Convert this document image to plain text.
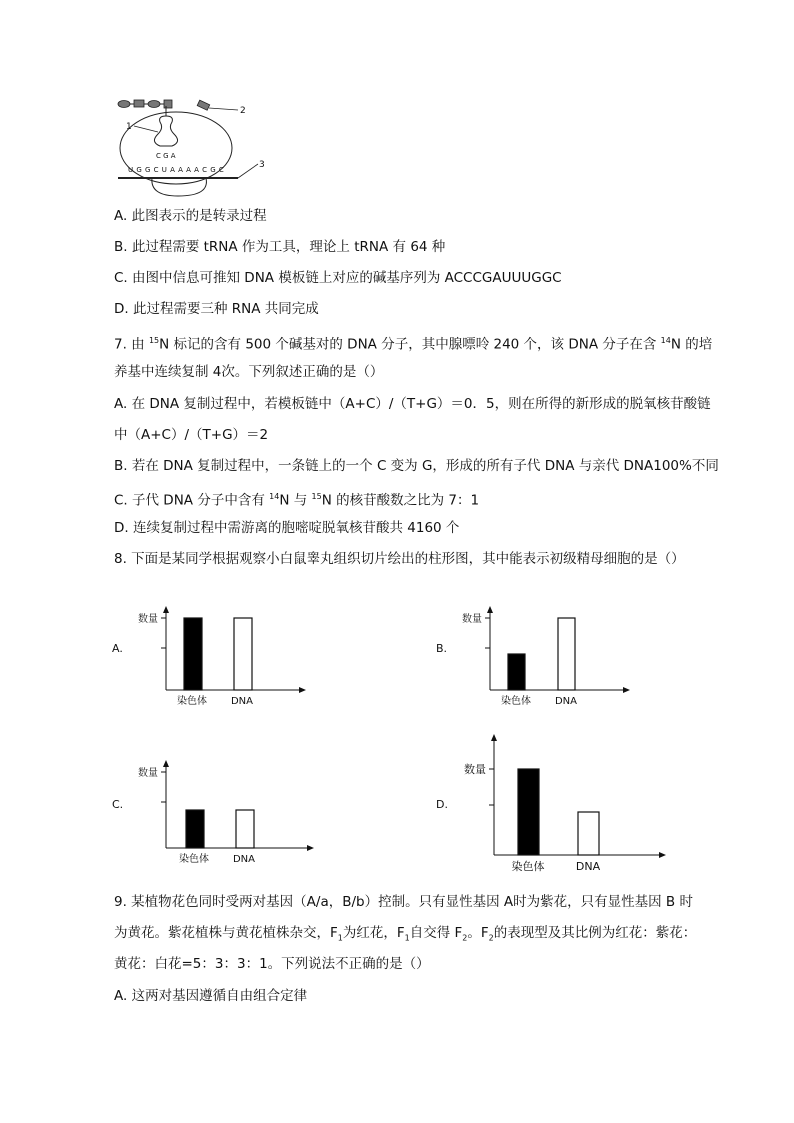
2
1
C G A
U G G C U A A A A C G C	3
A. 此图表示的是转录过程
B. 此过程需要 tRNA 作为工具，理论上 tRNA 有 64 种
C. 由图中信息可推知 DNA 模板链上对应的碱基序列为 ACCCGAUUUGGC
D. 此过程需要三种 RNA 共同完成
7. 由 $^{15}$N 标记的含有 500 个碱基对的 DNA 分子，其中腺嘌呤 240 个，该 DNA 分子在含 $^{14}$N 的培
养基中连续复制 4次。下列叙述正确的是（）
A. 在 DNA 复制过程中，若模板链中（A+C）/（T+G）＝0．5，则在所得的新形成的脱氧核苷酸链
中（A+C）/（T+G）＝2
B. 若在 DNA 复制过程中，一条链上的一个 C 变为 G，形成的所有子代 DNA 与亲代 DNA100%不同
C. 子代 DNA 分子中含有 $^{14}$N 与 $^{15}$N 的核苷酸数之比为 7：1
D. 连续复制过程中需游离的胞嘧啶脱氧核苷酸共 4160 个
8. 下面是某同学根据观察小白鼠睾丸组织切片绘出的柱形图，其中能表示初级精母细胞的是（）
A.
数量
染色体 DNA
B.
数量
染色体 DNA
C.
数量
染色体 DNA
D.
数量
染色体	DNA
9. 某植物花色同时受两对基因（A/a，B/b）控制。只有显性基因 A时为紫花，只有显性基因 B 时
为黄花。紫花植株与黄花植株杂交，$F_1$为红花，$F_1$自交得 $F_2$。$F_2$的表现型及其比例为红花：紫花：
黄花：白花=5：3：3：1。下列说法不正确的是（）
A. 这两对基因遵循自由组合定律
